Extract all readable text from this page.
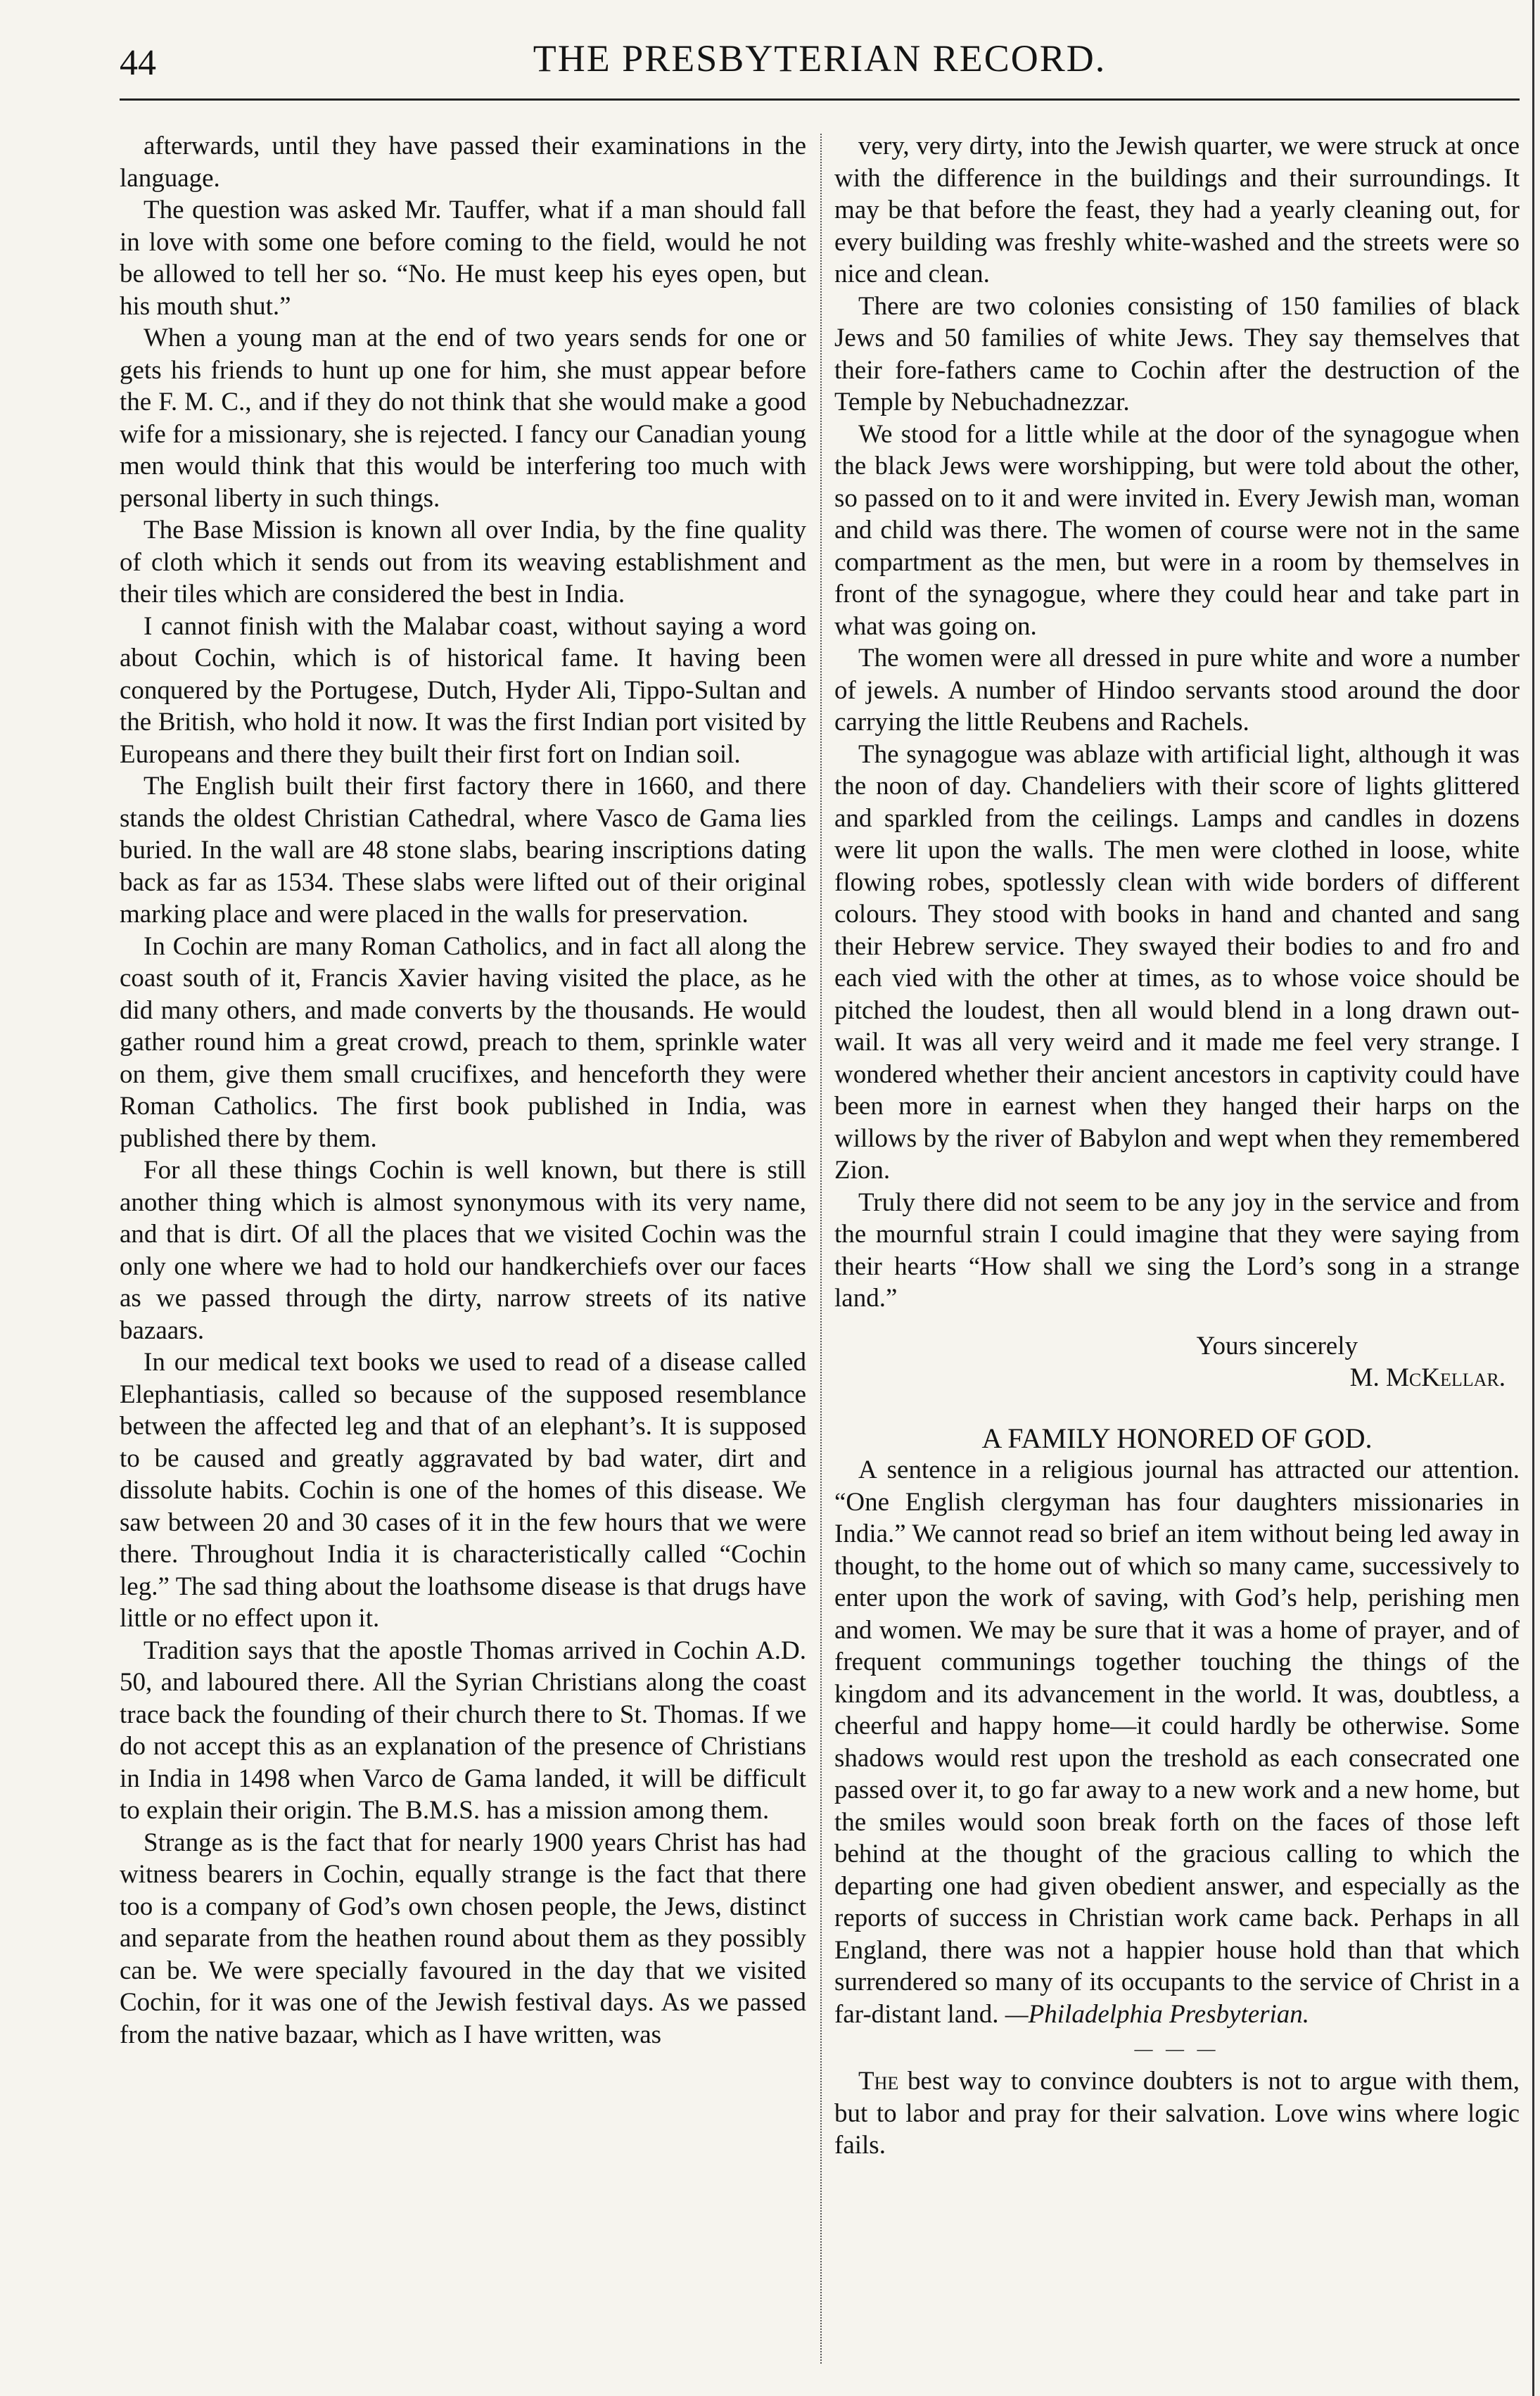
44	THE PRESBYTERIAN RECORD.

afterwards, until they have passed their examinations in the language.

The question was asked Mr. Tauffer, what if a man should fall in love with some one before coming to the field, would he not be allowed to tell her so. “No. He must keep his eyes open, but his mouth shut.”

When a young man at the end of two years sends for one or gets his friends to hunt up one for him, she must appear before the F. M. C., and if they do not think that she would make a good wife for a missionary, she is rejected. I fancy our Canadian young men would think that this would be interfering too much with personal liberty in such things.

The Base Mission is known all over India, by the fine quality of cloth which it sends out from its weaving establishment and their tiles which are considered the best in India.

I cannot finish with the Malabar coast, without saying a word about Cochin, which is of historical fame. It having been conquered by the Portugese, Dutch, Hyder Ali, Tippo-Sultan and the British, who hold it now. It was the first Indian port visited by Europeans and there they built their first fort on Indian soil.

The English built their first factory there in 1660, and there stands the oldest Christian Cathedral, where Vasco de Gama lies buried. In the wall are 48 stone slabs, bearing inscriptions dating back as far as 1534. These slabs were lifted out of their original marking place and were placed in the walls for preservation.

In Cochin are many Roman Catholics, and in fact all along the coast south of it, Francis Xavier having visited the place, as he did many others, and made converts by the thousands. He would gather round him a great crowd, preach to them, sprinkle water on them, give them small crucifixes, and henceforth they were Roman Catholics. The first book published in India, was published there by them.

For all these things Cochin is well known, but there is still another thing which is almost synonymous with its very name, and that is dirt. Of all the places that we visited Cochin was the only one where we had to hold our handkerchiefs over our faces as we passed through the dirty, narrow streets of its native bazaars.

In our medical text books we used to read of a disease called Elephantiasis, called so because of the supposed resemblance between the affected leg and that of an elephant’s. It is supposed to be caused and greatly aggravated by bad water, dirt and dissolute habits. Cochin is one of the homes of this disease. We saw between 20 and 30 cases of it in the few hours that we were there. Throughout India it is characteristically called “Cochin leg.” The sad thing about the loathsome disease is that drugs have little or no effect upon it.

Tradition says that the apostle Thomas arrived in Cochin A.D. 50, and laboured there. All the Syrian Christians along the coast trace back the founding of their church there to St. Thomas. If we do not accept this as an explanation of the presence of Christians in India in 1498 when Varco de Gama landed, it will be difficult to explain their origin. The B.M.S. has a mission among them.

Strange as is the fact that for nearly 1900 years Christ has had witness bearers in Cochin, equally strange is the fact that there too is a company of God’s own chosen people, the Jews, distinct and separate from the heathen round about them as they possibly can be. We were specially favoured in the day that we visited Cochin, for it was one of the Jewish festival days. As we passed from the native bazaar, which as I have written, was

very, very dirty, into the Jewish quarter, we were struck at once with the difference in the buildings and their surroundings. It may be that before the feast, they had a yearly cleaning out, for every building was freshly white-washed and the streets were so nice and clean.

There are two colonies consisting of 150 families of black Jews and 50 families of white Jews. They say themselves that their fore-fathers came to Cochin after the destruction of the Temple by Nebuchadnezzar.

We stood for a little while at the door of the synagogue when the black Jews were worshipping, but were told about the other, so passed on to it and were invited in. Every Jewish man, woman and child was there. The women of course were not in the same compartment as the men, but were in a room by themselves in front of the synagogue, where they could hear and take part in what was going on.

The women were all dressed in pure white and wore a number of jewels. A number of Hindoo servants stood around the door carrying the little Reubens and Rachels.

The synagogue was ablaze with artificial light, although it was the noon of day. Chandeliers with their score of lights glittered and sparkled from the ceilings. Lamps and candles in dozens were lit upon the walls. The men were clothed in loose, white flowing robes, spotlessly clean with wide borders of different colours. They stood with books in hand and chanted and sang their Hebrew service. They swayed their bodies to and fro and each vied with the other at times, as to whose voice should be pitched the loudest, then all would blend in a long drawn out-wail. It was all very weird and it made me feel very strange. I wondered whether their ancient ancestors in captivity could have been more in earnest when they hanged their harps on the willows by the river of Babylon and wept when they remembered Zion.

Truly there did not seem to be any joy in the service and from the mournful strain I could imagine that they were saying from their hearts “How shall we sing the Lord’s song in a strange land.”

Yours sincerely

M. McKellar.

A FAMILY HONORED OF GOD.

A sentence in a religious journal has attracted our attention. “One English clergyman has four daughters missionaries in India.” We cannot read so brief an item without being led away in thought, to the home out of which so many came, successively to enter upon the work of saving, with God’s help, perishing men and women. We may be sure that it was a home of prayer, and of frequent communings together touching the things of the kingdom and its advancement in the world. It was, doubtless, a cheerful and happy home—it could hardly be otherwise. Some shadows would rest upon the treshold as each consecrated one passed over it, to go far away to a new work and a new home, but the smiles would soon break forth on the faces of those left behind at the thought of the gracious calling to which the departing one had given obedient answer, and especially as the reports of success in Christian work came back. Perhaps in all England, there was not a happier house hold than that which surrendered so many of its occupants to the service of Christ in a far-distant land. —Philadelphia Presbyterian.

— — —

The best way to convince doubters is not to argue with them, but to labor and pray for their salvation. Love wins where logic fails.
